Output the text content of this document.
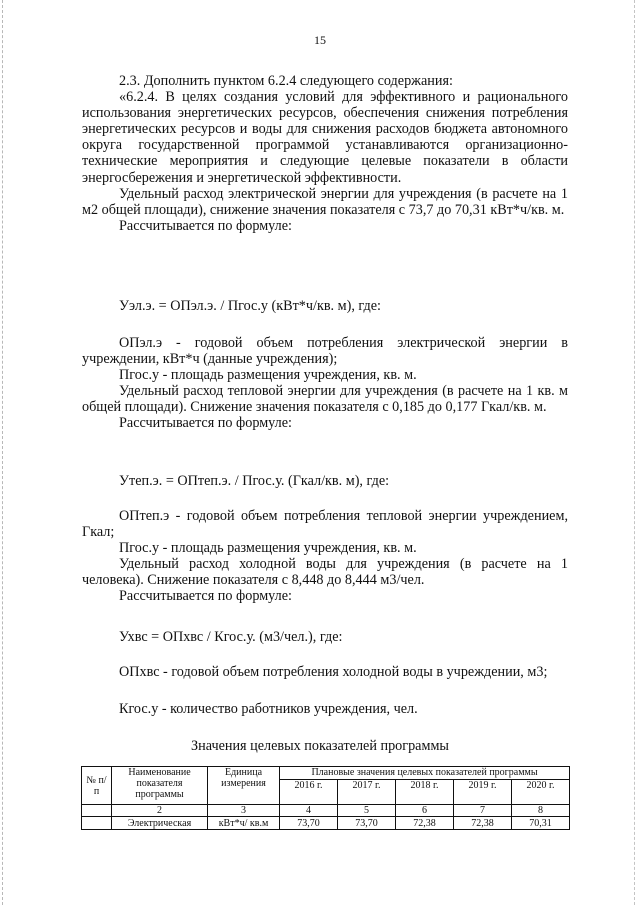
15

2.3. Дополнить пунктом 6.2.4 следующего содержания:

«6.2.4. В целях создания условий для эффективного и рационального использования энергетических ресурсов, обеспечения снижения потребления энергетических ресурсов и воды для снижения расходов бюджета автономного округа государственной программой устанавливаются организационно-технические мероприятия и следующие целевые показатели в области энергосбережения и энергетической эффективности.

Удельный расход электрической энергии для учреждения (в расчете на 1 м2 общей площади), снижение значения показателя с 73,7 до 70,31 кВт*ч/кв. м.

Рассчитывается по формуле:

Уэл.э. = ОПэл.э. / Пгос.у (кВт*ч/кв. м), где:

ОПэл.э - годовой объем потребления электрической энергии в учреждении, кВт*ч (данные учреждения);

Пгос.у - площадь размещения учреждения, кв. м.

Удельный расход тепловой энергии для учреждения (в расчете на 1 кв. м общей площади). Снижение значения показателя с 0,185 до 0,177 Гкал/кв. м.

Рассчитывается по формуле:

Утеп.э. = ОПтеп.э. / Пгос.у. (Гкал/кв. м), где:

ОПтеп.э - годовой объем потребления тепловой энергии учреждением, Гкал;

Пгос.у - площадь размещения учреждения, кв. м.

Удельный расход холодной воды для учреждения (в расчете на 1 человека). Снижение показателя с 8,448 до 8,444 м3/чел.

Рассчитывается по формуле:

Ухвс = ОПхвс / Кгос.у. (м3/чел.), где:

ОПхвс - годовой объем потребления холодной воды в учреждении, м3;

Кгос.у - количество работников учреждения, чел.

Значения целевых показателей программы
№ п/п	Наименование показателя программы	Единица измерения	Плановые значения целевых показателей программы				
			2016 г.	2017 г.	2018 г.	2019 г.	2020 г.
	2	3	4	5	6	7	8
	Электрическая	кВт*ч/ кв.м	73,70	73,70	72,38	72,38	70,31
